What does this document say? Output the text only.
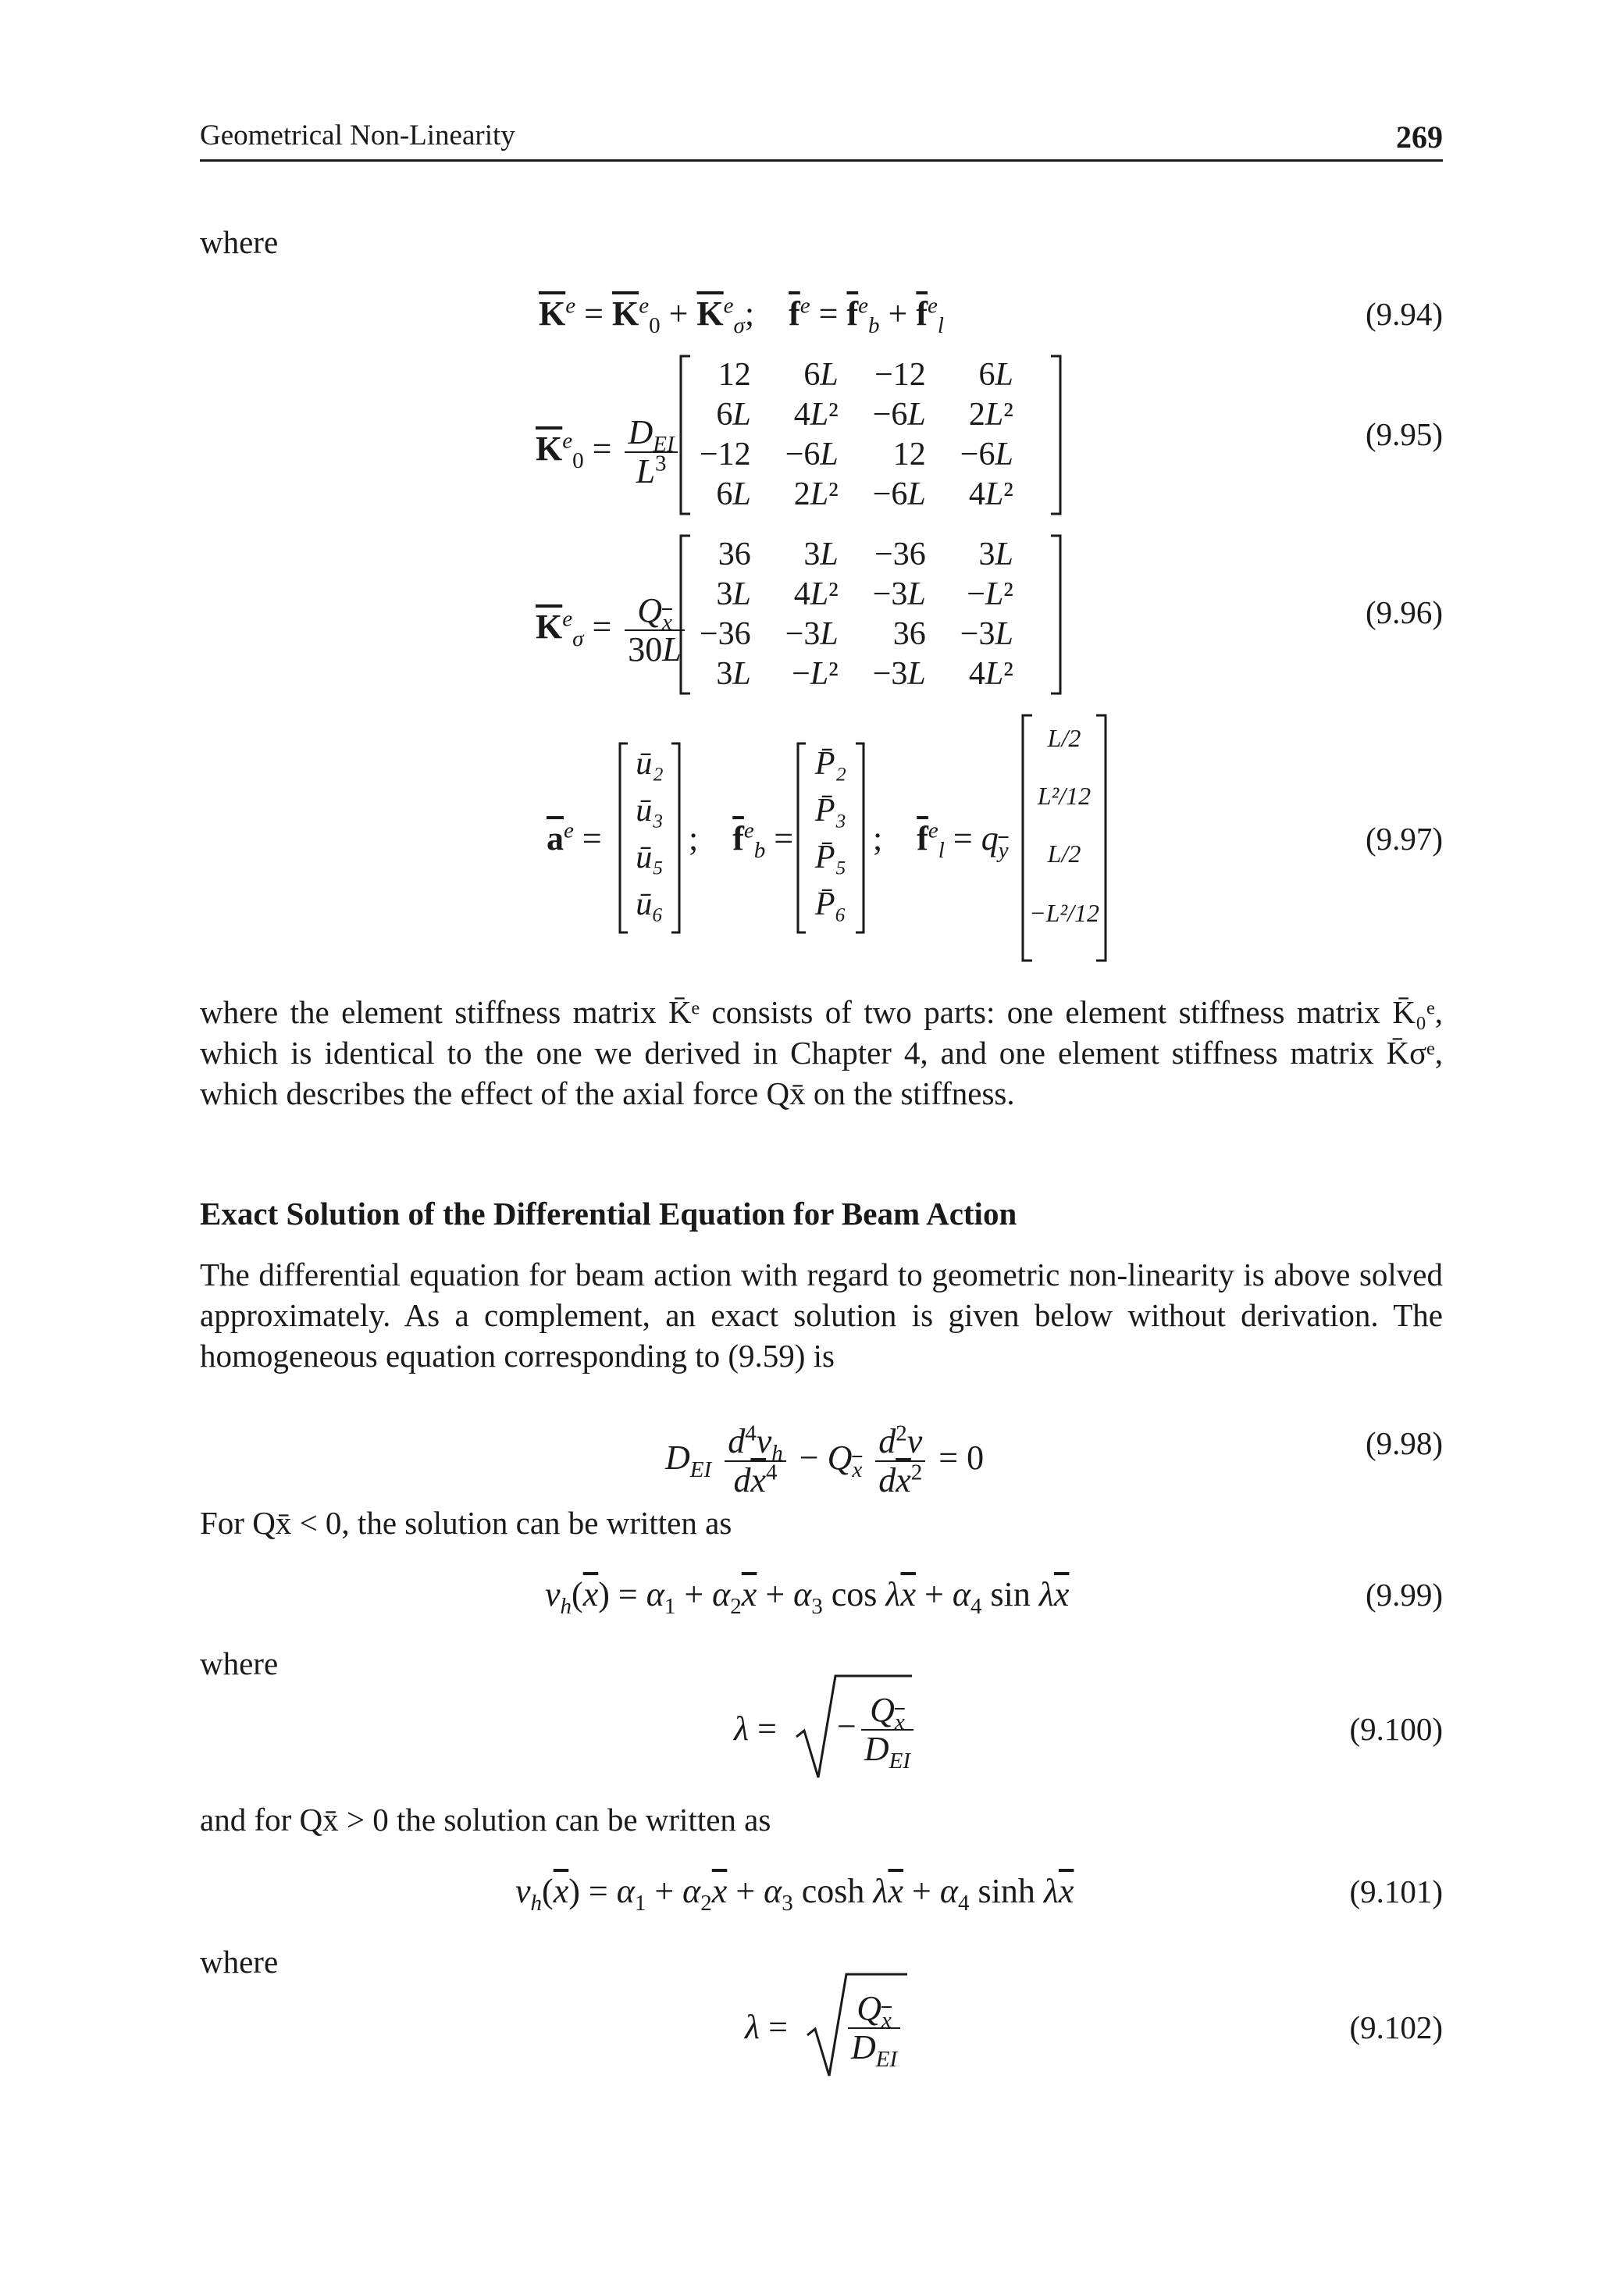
Geometrical Non-Linearity	269
where
$\overline{K}^e = \overline{K}^e_0 + \overline{K}^e_\sigma$;    $\overline{f}^e = \overline{f}^e_b + \overline{f}^e_l$	(9.94)
$\overline{K}^e_0 = \frac{D_{EI}}{L^3}$
12	6L	−12	6L
6L	4L²	−6L	2L²
−12	−6L	12	−6L
6L	2L²	−6L	4L²
(9.95)
$\overline{K}^e_\sigma = \frac{Q_{\overline{x}}}{30L}$
36	3L	−36	3L
3L	4L²	−3L	−L²
−36	−3L	36	−3L
3L	−L²	−3L	4L²
(9.96)
$\overline{a}^e$ =
ū₂
ū₃
ū₅
ū₆
;    $\overline{f}^e_b$ =
P̄₂
P̄₃
P̄₅
P̄₆
;    $\overline{f}^e_l = q_{\overline{y}}$
L/2
L²/12
L/2
−L²/12
(9.97)
where the element stiffness matrix K̄ᵉ consists of two parts: one element stiffness matrix K̄₀ᵉ, which is identical to the one we derived in Chapter 4, and one element stiffness matrix K̄σᵉ, which describes the effect of the axial force Qx̄ on the stiffness.
Exact Solution of the Differential Equation for Beam Action
The differential equation for beam action with regard to geometric non-linearity is above solved approximately. As a complement, an exact solution is given below without derivation. The homogeneous equation corresponding to (9.59) is
$D_{EI} \frac{d^4v_h}{d\overline{x}^4} - Q_{\overline{x}} \frac{d^2v}{d\overline{x}^2} = 0$	(9.98)
For Qx̄ < 0, the solution can be written as
$v_h(\overline{x}) = \alpha_1 + \alpha_2\overline{x} + \alpha_3$ $\cos \lambda\overline{x} + \alpha_4$ $\sin \lambda\overline{x}$	(9.99)
where
λ = − $\frac{Q_{\overline{x}}}{D_{EI}}$	(9.100)
and for Qx̄ > 0 the solution can be written as
$v_h(\overline{x}) = \alpha_1 + \alpha_2\overline{x} + \alpha_3$ $\cosh \lambda\overline{x} + \alpha_4$ $\sinh \lambda\overline{x}$	(9.101)
where
$\lambda = \frac{Q_{\overline{x}}}{D_{EI}}$	(9.102)
